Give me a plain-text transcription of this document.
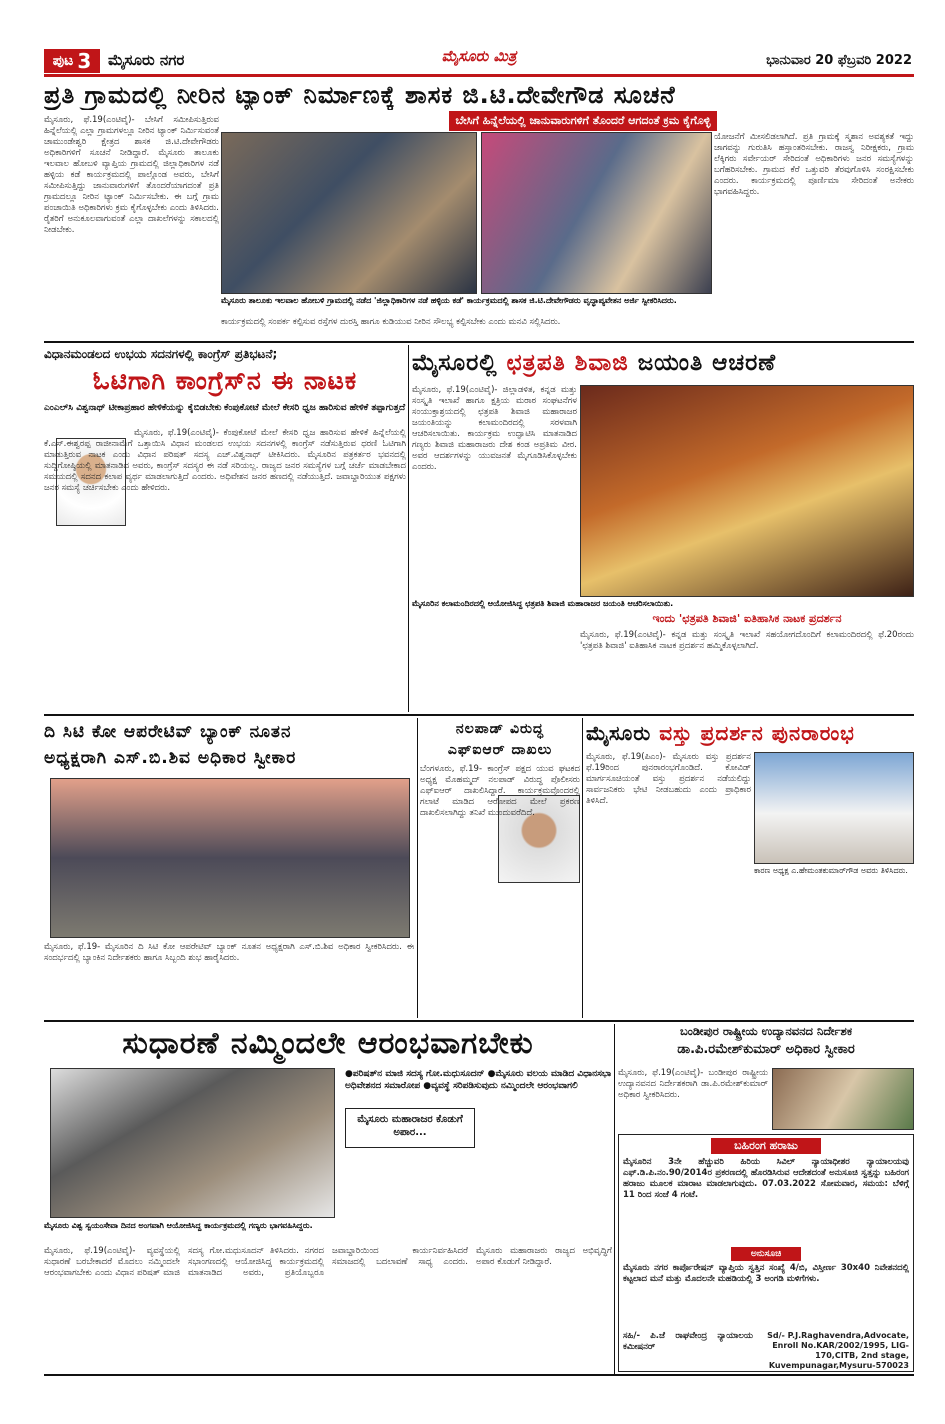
ಪುಟ 3 ಮೈಸೂರು ನಗರ	ಮೈಸೂರು ಮಿತ್ರ	ಭಾನುವಾರ 20 ಫೆಬ್ರವರಿ 2022
ಪ್ರತಿ ಗ್ರಾಮದಲ್ಲಿ ನೀರಿನ ಟ್ಯಾಂಕ್ ನಿರ್ಮಾಣಕ್ಕೆ ಶಾಸಕ ಜಿ.ಟಿ.ದೇವೇಗೌಡ ಸೂಚನೆ
ಬೇಸಿಗೆ ಹಿನ್ನೆಲೆಯಲ್ಲಿ ಜಾನುವಾರುಗಳಿಗೆ ತೊಂದರೆ ಆಗದಂತೆ ಕ್ರಮ ಕೈಗೊಳ್ಳಿ
ಮೈಸೂರು, ಫೆ.19(ಎಂಟಿವೈ)- ಬೇಸಿಗೆ ಸಮೀಪಿಸುತ್ತಿರುವ ಹಿನ್ನೆಲೆಯಲ್ಲಿ ಎಲ್ಲಾ ಗ್ರಾಮಗಳಲ್ಲೂ ನೀರಿನ ಟ್ಯಾಂಕ್ ನಿರ್ಮಿಸುವಂತೆ ಚಾಮುಂಡೇಶ್ವರಿ ಕ್ಷೇತ್ರದ ಶಾಸಕ ಜಿ.ಟಿ.ದೇವೇಗೌಡರು ಅಧಿಕಾರಿಗಳಿಗೆ ಸೂಚನೆ ನೀಡಿದ್ದಾರೆ. ಮೈಸೂರು ತಾಲೂಕು ಇಲವಾಲ ಹೋಬಳಿ ವ್ಯಾಪ್ತಿಯ ಗ್ರಾಮದಲ್ಲಿ ಜಿಲ್ಲಾಧಿಕಾರಿಗಳ ನಡೆ ಹಳ್ಳಿಯ ಕಡೆ ಕಾರ್ಯಕ್ರಮದಲ್ಲಿ ಪಾಲ್ಗೊಂಡ ಅವರು, ಬೇಸಿಗೆ ಸಮೀಪಿಸುತ್ತಿದ್ದು ಜಾನುವಾರುಗಳಿಗೆ ತೊಂದರೆಯಾಗದಂತೆ ಪ್ರತಿ ಗ್ರಾಮದಲ್ಲೂ ನೀರಿನ ಟ್ಯಾಂಕ್ ನಿರ್ಮಿಸಬೇಕು. ಈ ಬಗ್ಗೆ ಗ್ರಾಮ ಪಂಚಾಯಿತಿ ಅಧಿಕಾರಿಗಳು ಕ್ರಮ ಕೈಗೊಳ್ಳಬೇಕು ಎಂದು ತಿಳಿಸಿದರು. ರೈತರಿಗೆ ಅನುಕೂಲವಾಗುವಂತೆ ಎಲ್ಲಾ ದಾಖಲೆಗಳನ್ನು ಸಕಾಲದಲ್ಲಿ ನೀಡಬೇಕು.
ಮೈಸೂರು ತಾಲೂಕು ಇಲವಾಲ ಹೋಬಳಿ ಗ್ರಾಮದಲ್ಲಿ ನಡೆದ 'ಜಿಲ್ಲಾಧಿಕಾರಿಗಳ ನಡೆ ಹಳ್ಳಿಯ ಕಡೆ' ಕಾರ್ಯಕ್ರಮದಲ್ಲಿ ಶಾಸಕ ಜಿ.ಟಿ.ದೇವೇಗೌಡರು ವೃದ್ಧಾಪ್ಯವೇತನ ಅರ್ಜಿ ಸ್ವೀಕರಿಸಿದರು.
ಯೋಜನೆಗೆ ಮೀಸಲಿಡಲಾಗಿದೆ. ಪ್ರತಿ ಗ್ರಾಮಕ್ಕೆ ಸ್ಮಶಾನ ಅವಶ್ಯಕತೆ ಇದ್ದು ಜಾಗವನ್ನು ಗುರುತಿಸಿ ಹಸ್ತಾಂತರಿಸಬೇಕು. ರಾಜಸ್ವ ನಿರೀಕ್ಷಕರು, ಗ್ರಾಮ ಲೆಕ್ಕಿಗರು ಸರ್ವೇಯರ್ ಸೇರಿದಂತೆ ಅಧಿಕಾರಿಗಳು ಜನರ ಸಮಸ್ಯೆಗಳನ್ನು ಬಗೆಹರಿಸಬೇಕು. ಗ್ರಾಮದ ಕೆರೆ ಒತ್ತುವರಿ ತೆರವುಗೊಳಿಸಿ ಸಂರಕ್ಷಿಸಬೇಕು ಎಂದರು. ಕಾರ್ಯಕ್ರಮದಲ್ಲಿ ಪೂರ್ಣಿಮಾ ಸೇರಿದಂತೆ ಅನೇಕರು ಭಾಗವಹಿಸಿದ್ದರು.
ಕಾರ್ಯಕ್ರಮದಲ್ಲಿ ಸಂಪರ್ಕ ಕಲ್ಪಿಸುವ ರಸ್ತೆಗಳ ದುರಸ್ತಿ ಹಾಗೂ ಕುಡಿಯುವ ನೀರಿನ ಸೌಲಭ್ಯ ಕಲ್ಪಿಸಬೇಕು ಎಂದು ಮನವಿ ಸಲ್ಲಿಸಿದರು.
ವಿಧಾನಮಂಡಲದ ಉಭಯ ಸದನಗಳಲ್ಲಿ ಕಾಂಗ್ರೆಸ್ ಪ್ರತಿಭಟನೆ;
ಓಟಿಗಾಗಿ ಕಾಂಗ್ರೆಸ್‌ನ ಈ ನಾಟಕ
ಎಂಎಲ್‌ಸಿ ವಿಶ್ವನಾಥ್ ಟೀಕಾಪ್ರಹಾರ ಹೇಳಿಕೆಯನ್ನು ಕೈಬಿಡಬೇಕು ಕೆಂಪುಕೋಟೆ ಮೇಲೆ ಕೇಸರಿ ಧ್ವಜ ಹಾರಿಸುವ ಹೇಳಿಕೆ ತಪ್ಪಾಗುತ್ತದೆ
ಮೈಸೂರು, ಫೆ.19(ಎಂಟಿವೈ)- ಕೆಂಪುಕೋಟೆ ಮೇಲೆ ಕೇಸರಿ ಧ್ವಜ ಹಾರಿಸುವ ಹೇಳಿಕೆ ಹಿನ್ನೆಲೆಯಲ್ಲಿ ಕೆ.ಎಸ್.ಈಶ್ವರಪ್ಪ ರಾಜೀನಾಮೆಗೆ ಒತ್ತಾಯಿಸಿ ವಿಧಾನ ಮಂಡಲದ ಉಭಯ ಸದನಗಳಲ್ಲಿ ಕಾಂಗ್ರೆಸ್ ನಡೆಸುತ್ತಿರುವ ಧರಣಿ ಓಟಿಗಾಗಿ ಮಾಡುತ್ತಿರುವ ನಾಟಕ ಎಂದು ವಿಧಾನ ಪರಿಷತ್ ಸದಸ್ಯ ಎಚ್.ವಿಶ್ವನಾಥ್ ಟೀಕಿಸಿದರು. ಮೈಸೂರಿನ ಪತ್ರಕರ್ತರ ಭವನದಲ್ಲಿ ಸುದ್ದಿಗೋಷ್ಠಿಯಲ್ಲಿ ಮಾತನಾಡಿದ ಅವರು, ಕಾಂಗ್ರೆಸ್ ಸದಸ್ಯರ ಈ ನಡೆ ಸರಿಯಲ್ಲ. ರಾಜ್ಯದ ಜನರ ಸಮಸ್ಯೆಗಳ ಬಗ್ಗೆ ಚರ್ಚೆ ಮಾಡಬೇಕಾದ ಸಮಯದಲ್ಲಿ ಸದನದ ಕಲಾಪ ವ್ಯರ್ಥ ಮಾಡಲಾಗುತ್ತಿದೆ ಎಂದರು. ಅಧಿವೇಶನ ಜನರ ಹಣದಲ್ಲಿ ನಡೆಯುತ್ತಿದೆ. ಜವಾಬ್ದಾರಿಯುತ ಪಕ್ಷಗಳು ಜನರ ಸಮಸ್ಯೆ ಚರ್ಚಿಸಬೇಕು ಎಂದು ಹೇಳಿದರು.
ಮೈಸೂರಲ್ಲಿ ಛತ್ರಪತಿ ಶಿವಾಜಿ ಜಯಂತಿ ಆಚರಣೆ
ಮೈಸೂರು, ಫೆ.19(ಎಂಟಿವೈ)- ಜಿಲ್ಲಾಡಳಿತ, ಕನ್ನಡ ಮತ್ತು ಸಂಸ್ಕೃತಿ ಇಲಾಖೆ ಹಾಗೂ ಕ್ಷತ್ರಿಯ ಮರಾಠ ಸಂಘಟನೆಗಳ ಸಂಯುಕ್ತಾಶ್ರಯದಲ್ಲಿ ಛತ್ರಪತಿ ಶಿವಾಜಿ ಮಹಾರಾಜರ ಜಯಂತಿಯನ್ನು ಕಲಾಮಂದಿರದಲ್ಲಿ ಸರಳವಾಗಿ ಆಚರಿಸಲಾಯಿತು. ಕಾರ್ಯಕ್ರಮ ಉದ್ಘಾಟಿಸಿ ಮಾತನಾಡಿದ ಗಣ್ಯರು ಶಿವಾಜಿ ಮಹಾರಾಜರು ದೇಶ ಕಂಡ ಅಪ್ರತಿಮ ವೀರ. ಅವರ ಆದರ್ಶಗಳನ್ನು ಯುವಜನತೆ ಮೈಗೂಡಿಸಿಕೊಳ್ಳಬೇಕು ಎಂದರು.
ಮೈಸೂರಿನ ಕಲಾಮಂದಿರದಲ್ಲಿ ಆಯೋಜಿಸಿದ್ದ ಛತ್ರಪತಿ ಶಿವಾಜಿ ಮಹಾರಾಜರ ಜಯಂತಿ ಆಚರಿಸಲಾಯಿತು.
ಇಂದು 'ಛತ್ರಪತಿ ಶಿವಾಜಿ' ಐತಿಹಾಸಿಕ ನಾಟಕ ಪ್ರದರ್ಶನ
ಮೈಸೂರು, ಫೆ.19(ಎಂಟಿವೈ)- ಕನ್ನಡ ಮತ್ತು ಸಂಸ್ಕೃತಿ ಇಲಾಖೆ ಸಹಯೋಗದೊಂದಿಗೆ ಕಲಾಮಂದಿರದಲ್ಲಿ ಫೆ.20ರಂದು 'ಛತ್ರಪತಿ ಶಿವಾಜಿ' ಐತಿಹಾಸಿಕ ನಾಟಕ ಪ್ರದರ್ಶನ ಹಮ್ಮಿಕೊಳ್ಳಲಾಗಿದೆ.
ದಿ ಸಿಟಿ ಕೋ ಆಪರೇಟಿವ್ ಬ್ಯಾಂಕ್ ನೂತನ
ಅಧ್ಯಕ್ಷರಾಗಿ ಎಸ್.ಬಿ.ಶಿವ ಅಧಿಕಾರ ಸ್ವೀಕಾರ
ಮೈಸೂರು, ಫೆ.19- ಮೈಸೂರಿನ ದಿ ಸಿಟಿ ಕೋ ಆಪರೇಟಿವ್ ಬ್ಯಾಂಕ್ ನೂತನ ಅಧ್ಯಕ್ಷರಾಗಿ ಎಸ್.ಬಿ.ಶಿವ ಅಧಿಕಾರ ಸ್ವೀಕರಿಸಿದರು. ಈ ಸಂದರ್ಭದಲ್ಲಿ ಬ್ಯಾಂಕಿನ ನಿರ್ದೇಶಕರು ಹಾಗೂ ಸಿಬ್ಬಂದಿ ಶುಭ ಹಾರೈಸಿದರು.
ನಲಪಾಡ್ ವಿರುದ್ಧ
ಎಫ್‌ಐಆರ್ ದಾಖಲು
ಬೆಂಗಳೂರು, ಫೆ.19- ಕಾಂಗ್ರೆಸ್ ಪಕ್ಷದ ಯುವ ಘಟಕದ ಅಧ್ಯಕ್ಷ ಮೊಹಮ್ಮದ್ ನಲಪಾಡ್ ವಿರುದ್ಧ ಪೊಲೀಸರು ಎಫ್‌ಐಆರ್ ದಾಖಲಿಸಿದ್ದಾರೆ. ಕಾರ್ಯಕ್ರಮವೊಂದರಲ್ಲಿ ಗಲಾಟೆ ಮಾಡಿದ ಆರೋಪದ ಮೇಲೆ ಪ್ರಕರಣ ದಾಖಲಿಸಲಾಗಿದ್ದು ತನಿಖೆ ಮುಂದುವರೆದಿದೆ.
ಮೈಸೂರು ವಸ್ತು ಪ್ರದರ್ಶನ ಪುನರಾರಂಭ
ಮೈಸೂರು, ಫೆ.19(ಪಿಎಂ)- ಮೈಸೂರು ವಸ್ತು ಪ್ರದರ್ಶನ ಫೆ.19ರಿಂದ ಪುನರಾರಂಭಗೊಂಡಿದೆ. ಕೋವಿಡ್ ಮಾರ್ಗಸೂಚಿಯಂತೆ ವಸ್ತು ಪ್ರದರ್ಶನ ನಡೆಯಲಿದ್ದು ಸಾರ್ವಜನಿಕರು ಭೇಟಿ ನೀಡಬಹುದು ಎಂದು ಪ್ರಾಧಿಕಾರ ತಿಳಿಸಿದೆ.
ಕಾರಣ ಅಧ್ಯಕ್ಷ ಎ.ಹೇಮಂತಕುಮಾರ್‌ಗೌಡ ಅವರು ತಿಳಿಸಿದರು.
ಸುಧಾರಣೆ ನಮ್ಮಿಂದಲೇ ಆರಂಭವಾಗಬೇಕು
ಮೈಸೂರು ವಿಶ್ವ ಸ್ವಯಂಸೇವಾ ದಿನದ ಅಂಗವಾಗಿ ಆಯೋಜಿಸಿದ್ದ ಕಾರ್ಯಕ್ರಮದಲ್ಲಿ ಗಣ್ಯರು ಭಾಗವಹಿಸಿದ್ದರು.
●ಪರಿಷತ್‌ನ ಮಾಜಿ ಸದಸ್ಯ ಗೋ.ಮಧುಸೂದನ್ ●ಮೈಸೂರು ವಲಯ ಮಾಡಿದ ವಿಧಾನಸಭಾ ಅಧಿವೇಶನದ ಸಮಾರೋಪ ●ವ್ಯವಸ್ಥೆ ಸರಿಪಡಿಸುವುದು ನಮ್ಮಿಂದಲೇ ಆರಂಭವಾಗಲಿ
ಮೈಸೂರು ಮಹಾರಾಜರ ಕೊಡುಗೆ ಅಪಾರ...
ಮೈಸೂರು, ಫೆ.19(ಎಂಟಿವೈ)- ವ್ಯವಸ್ಥೆಯಲ್ಲಿ ಸುಧಾರಣೆ ಬರಬೇಕಾದರೆ ಮೊದಲು ನಮ್ಮಿಂದಲೇ ಆರಂಭವಾಗಬೇಕು ಎಂದು ವಿಧಾನ ಪರಿಷತ್ ಮಾಜಿ ಸದಸ್ಯ ಗೋ.ಮಧುಸೂದನ್ ತಿಳಿಸಿದರು. ನಗರದ ಸಭಾಂಗಣದಲ್ಲಿ ಆಯೋಜಿಸಿದ್ದ ಕಾರ್ಯಕ್ರಮದಲ್ಲಿ ಮಾತನಾಡಿದ ಅವರು, ಪ್ರತಿಯೊಬ್ಬರೂ ಜವಾಬ್ದಾರಿಯಿಂದ ಕಾರ್ಯನಿರ್ವಹಿಸಿದರೆ ಸಮಾಜದಲ್ಲಿ ಬದಲಾವಣೆ ಸಾಧ್ಯ ಎಂದರು. ಮೈಸೂರು ಮಹಾರಾಜರು ರಾಜ್ಯದ ಅಭಿವೃದ್ಧಿಗೆ ಅಪಾರ ಕೊಡುಗೆ ನೀಡಿದ್ದಾರೆ.
ಬಂಡೀಪುರ ರಾಷ್ಟ್ರೀಯ ಉದ್ಯಾನವನದ ನಿರ್ದೇಶಕ
ಡಾ.ಪಿ.ರಮೇಶ್‌ಕುಮಾರ್ ಅಧಿಕಾರ ಸ್ವೀಕಾರ
ಮೈಸೂರು, ಫೆ.19(ಎಂಟಿವೈ)- ಬಂಡೀಪುರ ರಾಷ್ಟ್ರೀಯ ಉದ್ಯಾನವನದ ನಿರ್ದೇಶಕರಾಗಿ ಡಾ.ಪಿ.ರಮೇಶ್‌ಕುಮಾರ್ ಅಧಿಕಾರ ಸ್ವೀಕರಿಸಿದರು.
ಬಹಿರಂಗ ಹರಾಜು
ಮೈಸೂರಿನ 3ನೇ ಹೆಚ್ಚುವರಿ ಹಿರಿಯ ಸಿವಿಲ್ ನ್ಯಾಯಾಧೀಶರ ನ್ಯಾಯಾಲಯವು ಎಫ್.ಡಿ.ಪಿ.ನಂ.90/2014ರ ಪ್ರಕರಣದಲ್ಲಿ ಹೊರಡಿಸಿರುವ ಆದೇಶದಂತೆ ಅನುಸೂಚಿ ಸ್ವತ್ತನ್ನು ಬಹಿರಂಗ ಹರಾಜು ಮೂಲಕ ಮಾರಾಟ ಮಾಡಲಾಗುವುದು. 07.03.2022 ಸೋಮವಾರ, ಸಮಯ: ಬೆಳಿಗ್ಗೆ 11 ರಿಂದ ಸಂಜೆ 4 ಗಂಟೆ.
ಅನುಸೂಚಿ
ಮೈಸೂರು ನಗರ ಕಾರ್ಪೊರೇಷನ್ ವ್ಯಾಪ್ತಿಯ ಸ್ವತ್ತಿನ ಸಂಖ್ಯೆ 4/ಬಿ, ವಿಸ್ತೀರ್ಣ 30x40 ನಿವೇಶನದಲ್ಲಿ ಕಟ್ಟಲಾದ ಮನೆ ಮತ್ತು ಮೊದಲನೇ ಮಹಡಿಯಲ್ಲಿ 3 ಅಂಗಡಿ ಮಳಿಗೆಗಳು.
ಸಹಿ/- ಪಿ.ಜೆ ರಾಘವೇಂದ್ರ ನ್ಯಾಯಾಲಯ ಕಮೀಷನರ್
Sd/- P.J.Raghavendra,Advocate, Enroll No.KAR/2002/1995, LIG-170,CITB, 2nd stage, Kuvempunagar,Mysuru-570023
